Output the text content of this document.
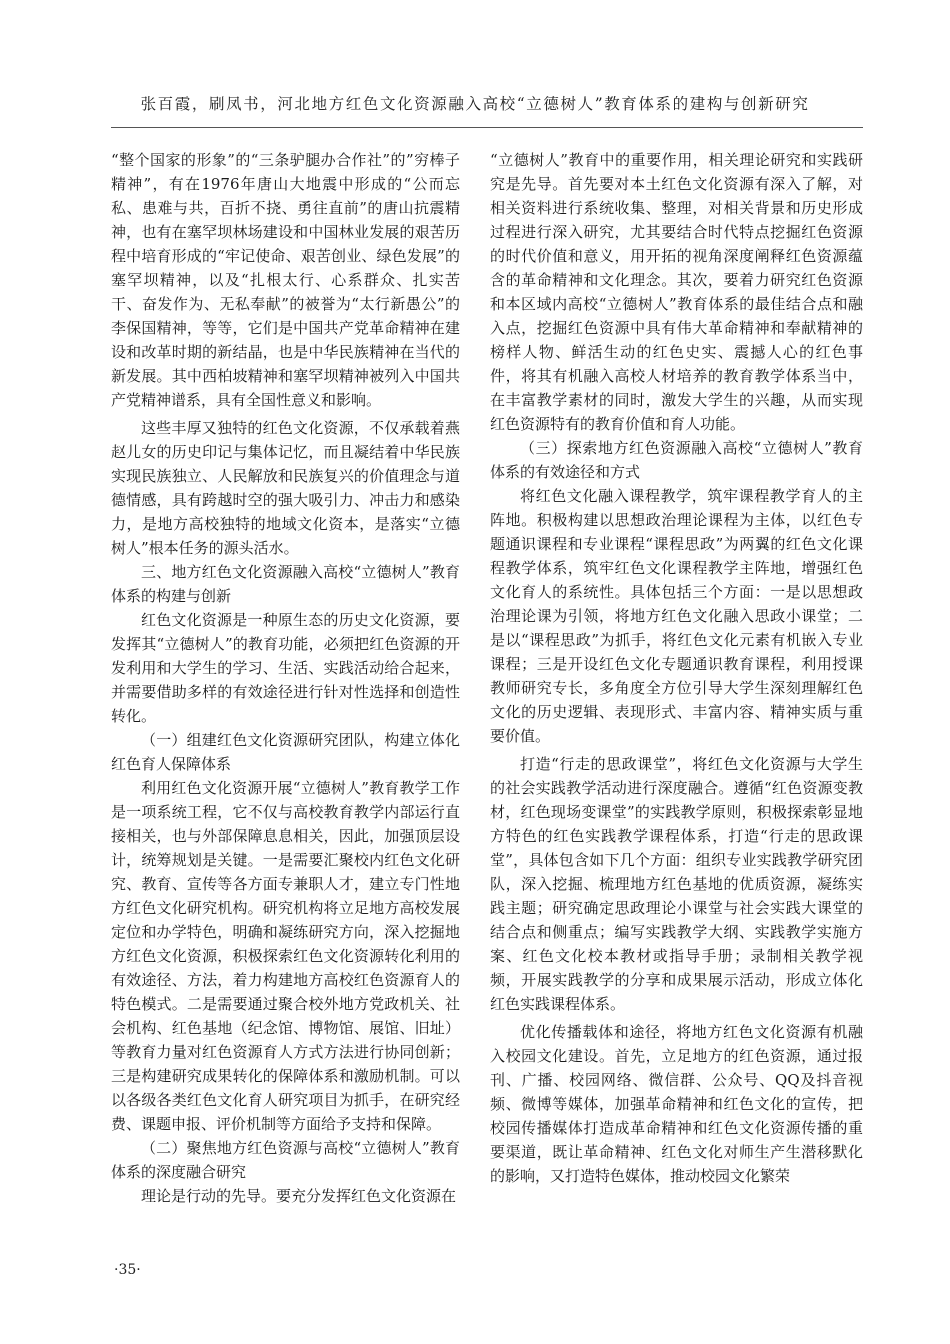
张百霞，刷凤书，河北地方红色文化资源融入高校“立德树人”教育体系的建构与创新研究

“整个国家的形象”的“三条驴腿办合作社”的”穷棒子精神”，有在1976年唐山大地震中形成的“公而忘私、患难与共，百折不挠、勇往直前”的唐山抗震精神，也有在塞罕坝林场建设和中国林业发展的艰苦历程中培育形成的“牢记使命、艰苦创业、绿色发展”的塞罕坝精神，以及“扎根太行、心系群众、扎实苦干、奋发作为、无私奉献”的被誉为“太行新愚公”的李保国精神，等等，它们是中国共产党革命精神在建设和改革时期的新结晶，也是中华民族精神在当代的新发展。其中西柏坡精神和塞罕坝精神被列入中国共产党精神谱系，具有全国性意义和影响。

这些丰厚又独特的红色文化资源，不仅承载着燕赵儿女的历史印记与集体记忆，而且凝结着中华民族实现民族独立、人民解放和民族复兴的价值理念与道德情感，具有跨越时空的强大吸引力、冲击力和感染力，是地方高校独特的地域文化资本，是落实“立德树人”根本任务的源头活水。

三、地方红色文化资源融入高校“立德树人”教育体系的构建与创新

红色文化资源是一种原生态的历史文化资源，要发挥其“立德树人”的教育功能，必须把红色资源的开发利用和大学生的学习、生活、实践活动给合起来，并需要借助多样的有效途径进行针对性选择和创造性转化。

（一）组建红色文化资源研究团队，构建立体化红色育人保障体系

利用红色文化资源开展“立德树人”教育教学工作是一项系统工程，它不仅与高校教育教学内部运行直接相关，也与外部保障息息相关，因此，加强顶层设计，统筹规划是关键。一是需要汇聚校内红色文化研究、教育、宣传等各方面专兼职人才，建立专门性地方红色文化研究机构。研究机构将立足地方高校发展定位和办学特色，明确和凝练研究方向，深入挖掘地方红色文化资源，积极探索红色文化资源转化利用的有效途径、方法，着力构建地方高校红色资源育人的特色模式。二是需要通过聚合校外地方党政机关、社会机构、红色基地（纪念馆、博物馆、展馆、旧址）等教育力量对红色资源育人方式方法进行协同创新；三是构建研究成果转化的保障体系和激励机制。可以以各级各类红色文化育人研究项目为抓手，在研究经费、课题申报、评价机制等方面给予支持和保障。

（二）聚焦地方红色资源与高校“立德树人”教育体系的深度融合研究

理论是行动的先导。要充分发挥红色文化资源在

“立德树人”教育中的重要作用，相关理论研究和实践研究是先导。首先要对本土红色文化资源有深入了解，对相关资料进行系统收集、整理，对相关背景和历史形成过程进行深入研究，尤其要结合时代特点挖掘红色资源的时代价值和意义，用开拓的视角深度阐释红色资源蕴含的革命精神和文化理念。其次，要着力研究红色资源和本区域内高校“立德树人”教育体系的最佳结合点和融入点，挖掘红色资源中具有伟大革命精神和奉献精神的榜样人物、鲜活生动的红色史实、震撼人心的红色事件，将其有机融入高校人材培养的教育教学体系当中，在丰富教学素材的同时，激发大学生的兴趣，从而实现红色资源特有的教育价值和育人功能。

（三）探索地方红色资源融入高校“立德树人”教育体系的有效途径和方式

将红色文化融入课程教学，筑牢课程教学育人的主阵地。积极构建以思想政治理论课程为主体，以红色专题通识课程和专业课程“课程思政”为两翼的红色文化课程教学体系，筑牢红色文化课程教学主阵地，增强红色文化育人的系统性。具体包括三个方面：一是以思想政治理论课为引领，将地方红色文化融入思政小课堂；二是以“课程思政”为抓手，将红色文化元素有机嵌入专业课程；三是开设红色文化专题通识教育课程，利用授课教师研究专长，多角度全方位引导大学生深刻理解红色文化的历史逻辑、表现形式、丰富内容、精神实质与重要价值。

打造“行走的思政课堂”，将红色文化资源与大学生的社会实践教学活动进行深度融合。遵循“红色资源变教材，红色现场变课堂”的实践教学原则，积极探索彰显地方特色的红色实践教学课程体系，打造“行走的思政课堂”，具体包含如下几个方面：组织专业实践教学研究团队，深入挖掘、梳理地方红色基地的优质资源，凝练实践主题；研究确定思政理论小课堂与社会实践大课堂的结合点和侧重点；编写实践教学大纲、实践教学实施方案、红色文化校本教材或指导手册；录制相关教学视频，开展实践教学的分享和成果展示活动，形成立体化红色实践课程体系。

优化传播载体和途径，将地方红色文化资源有机融入校园文化建设。首先，立足地方的红色资源，通过报刊、广播、校园网络、微信群、公众号、QQ及抖音视频、微博等媒体，加强革命精神和红色文化的宣传，把校园传播媒体打造成革命精神和红色文化资源传播的重要渠道，既让革命精神、红色文化对师生产生潜移默化的影响，又打造特色媒体，推动校园文化繁荣

·35·
